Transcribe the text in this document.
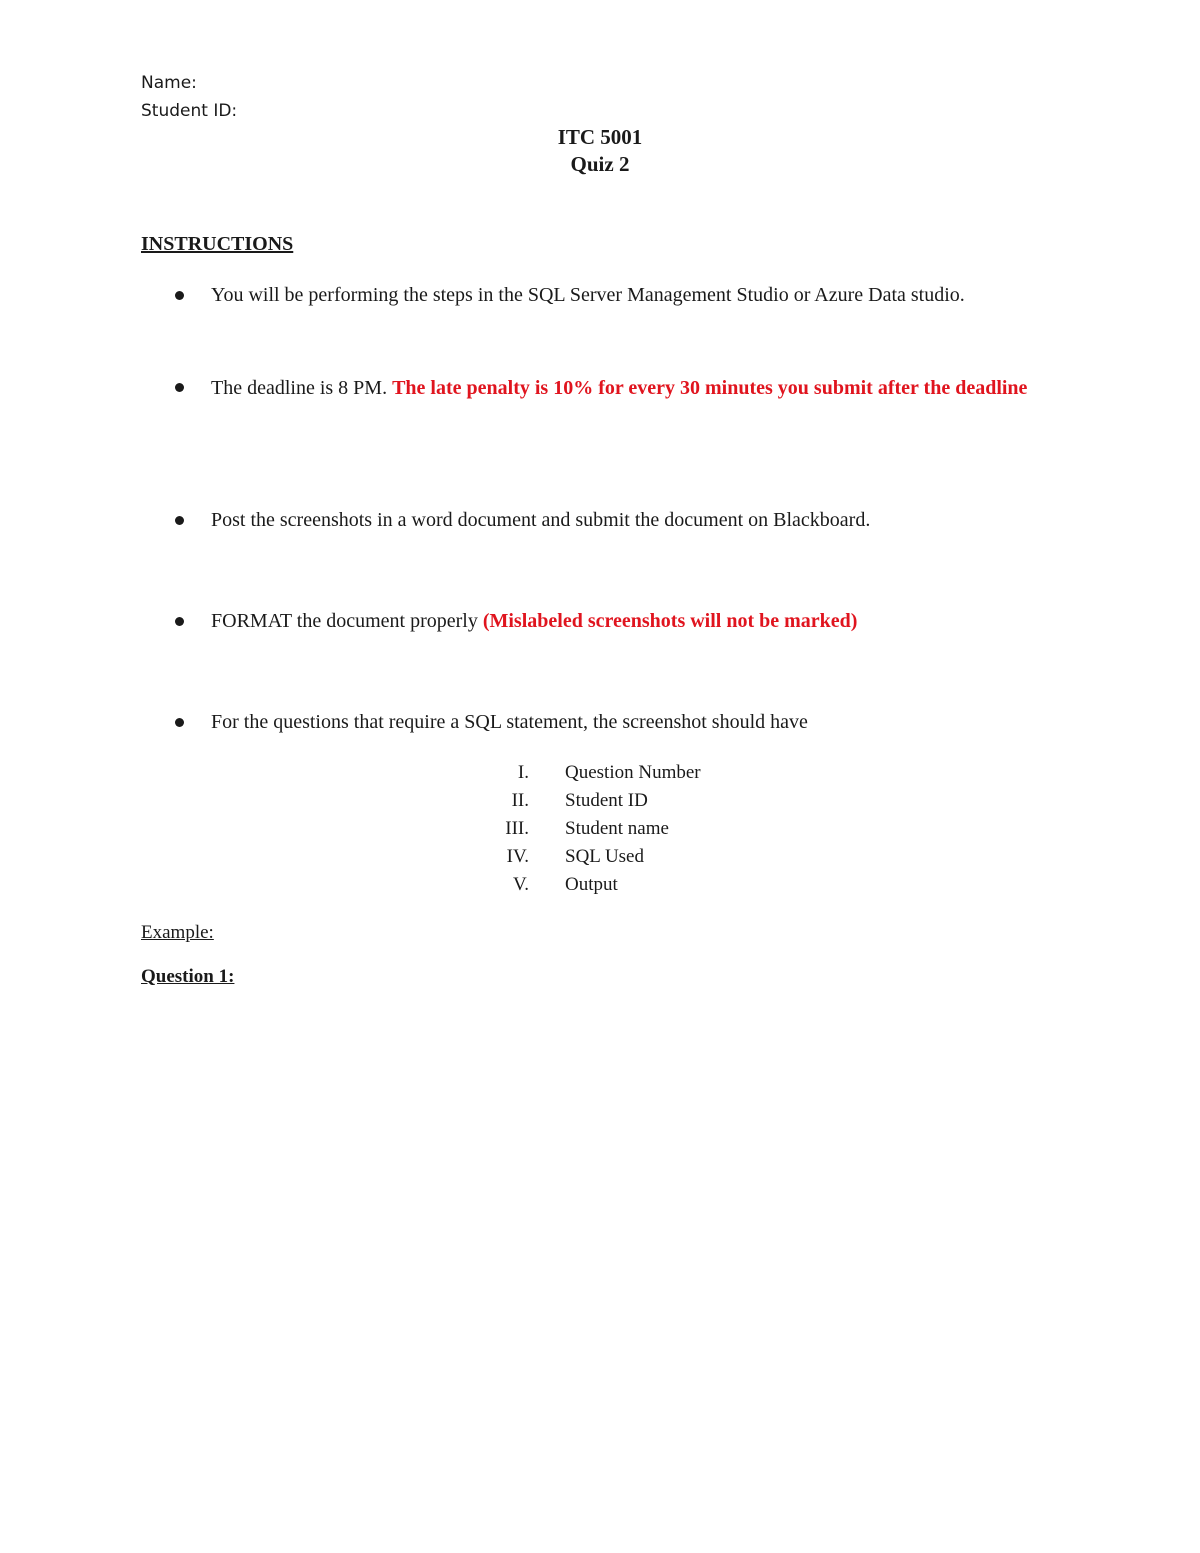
Name:
Student ID:
ITC 5001
Quiz 2
INSTRUCTIONS
You will be performing the steps in the SQL Server Management Studio or Azure Data studio.
The deadline is 8 PM. The late penalty is 10% for every 30 minutes you submit after the deadline
Post the screenshots in a word document and submit the document on Blackboard.
FORMAT the document properly (Mislabeled screenshots will not be marked)
For the questions that require a SQL statement, the screenshot should have
I. Question Number
II. Student ID
III. Student name
IV. SQL Used
V. Output
Example:
Question 1:
